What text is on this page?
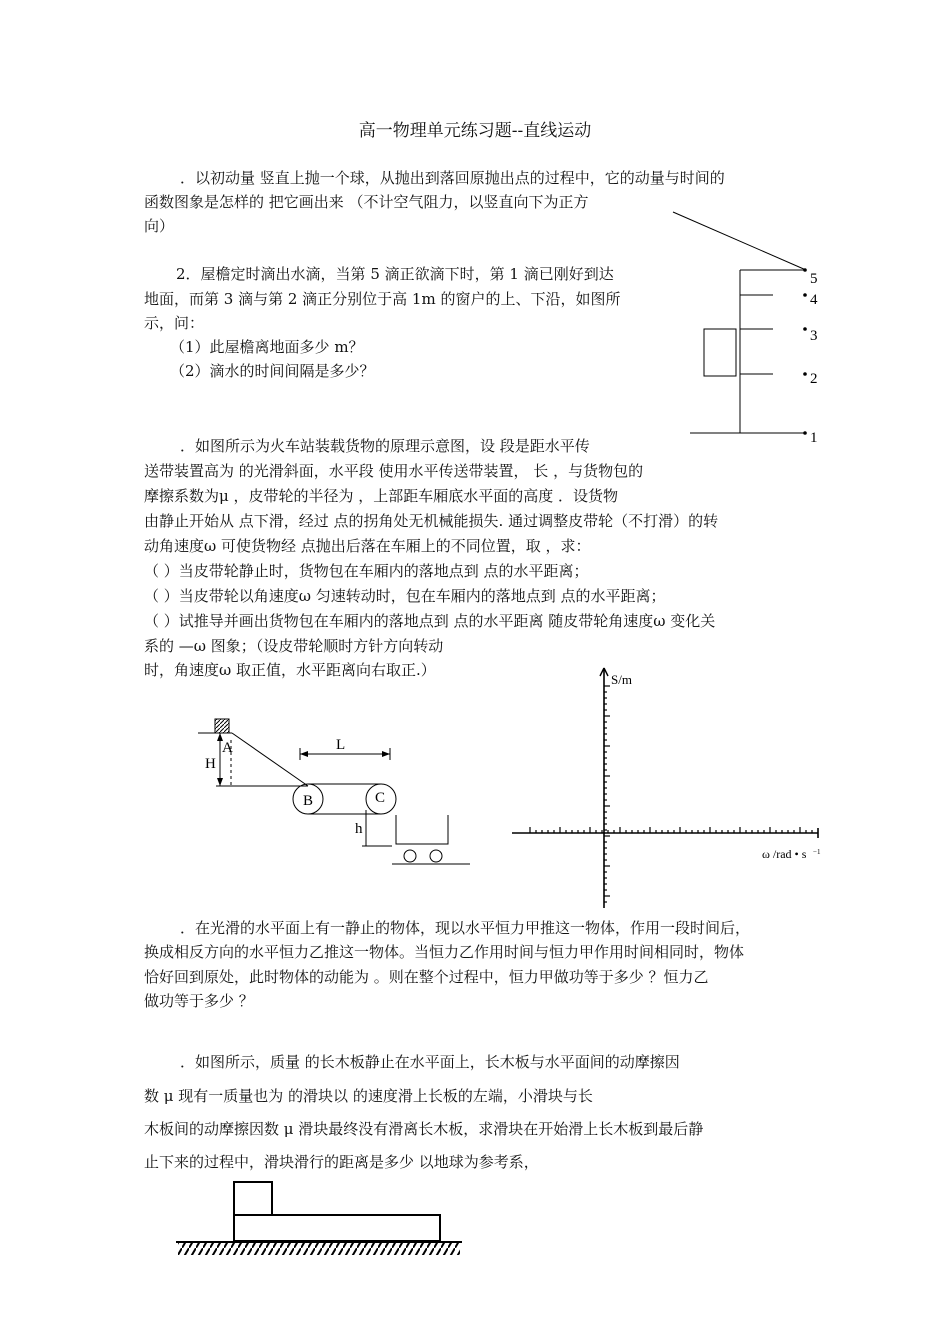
高一物理单元练习题--直线运动
．以初动量 竖直上抛一个球，从抛出到落回原抛出点的过程中，它的动量与时间的
函数图象是怎样的 把它画出来 （不计空气阻力，以竖直向下为正方
向）
2．屋檐定时滴出水滴，当第 5 滴正欲滴下时，第 1 滴已刚好到达
地面，而第 3 滴与第 2 滴正分别位于高 1m 的窗户的上、下沿，如图所
示，问：
（1）此屋檐离地面多少 m？
（2）滴水的时间间隔是多少？
．如图所示为火车站装载货物的原理示意图，设 段是距水平传
送带装置高为 的光滑斜面，水平段 使用水平传送带装置， 长 ，与货物包的
摩擦系数为μ ，皮带轮的半径为 ，上部距车厢底水平面的高度 ．设货物
由静止开始从 点下滑，经过 点的拐角处无机械能损失. 通过调整皮带轮（不打滑）的转
动角速度ω 可使货物经 点抛出后落在车厢上的不同位置，取 ，求：
（ ）当皮带轮静止时，货物包在车厢内的落地点到 点的水平距离；
（ ）当皮带轮以角速度ω 匀速转动时，包在车厢内的落地点到 点的水平距离；
（ ）试推导并画出货物包在车厢内的落地点到 点的水平距离 随皮带轮角速度ω 变化关
系的 —ω 图象；（设皮带轮顺时方针方向转动
时，角速度ω 取正值，水平距离向右取正.）
．在光滑的水平面上有一静止的物体，现以水平恒力甲推这一物体，作用一段时间后，
换成相反方向的水平恒力乙推这一物体。当恒力乙作用时间与恒力甲作用时间相同时，物体
恰好回到原处，此时物体的动能为 。则在整个过程中，恒力甲做功等于多少 ？恒力乙
做功等于多少 ？
．如图所示，质量 的长木板静止在水平面上，长木板与水平面间的动摩擦因
数 μ 现有一质量也为 的滑块以 的速度滑上长板的左端，小滑块与长
木板间的动摩擦因数 μ 滑块最终没有滑离长木板，求滑块在开始滑上长木板到最后静
止下来的过程中，滑块滑行的距离是多少 以地球为参考系，
5
4
3
2
1
A
H
L
B	C
h
S/m
ω /rad • s −1
